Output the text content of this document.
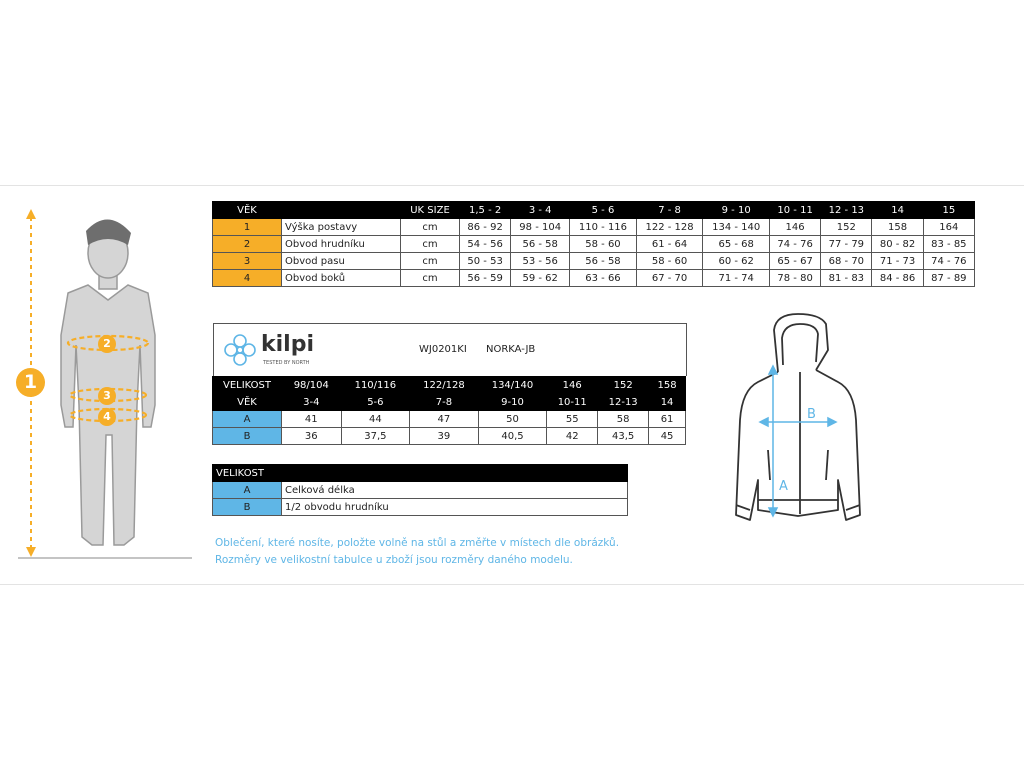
1
2
3
4
VĚK		UK SIZE	1,5 - 2	3 - 4	5 - 6	7 - 8	9 - 10	10 - 11	12 - 13	14	15
1	Výška postavy	cm	86 - 92	98 - 104	110 - 116	122 - 128	134 - 140	146	152	158	164
2	Obvod hrudníku	cm	54 - 56	56 - 58	58 - 60	61 - 64	65 - 68	74 - 76	77 - 79	80 - 82	83 - 85
3	Obvod pasu	cm	50 - 53	53 - 56	56 - 58	58 - 60	60 - 62	65 - 67	68 - 70	71 - 73	74 - 76
4	Obvod boků	cm	56 - 59	59 - 62	63 - 66	67 - 70	71 - 74	78 - 80	81 - 83	84 - 86	87 - 89
kilpi
TESTED BY NORTH
WJ0201KI NORKA-JB
VELIKOST	98/104	110/116	122/128	134/140	146	152	158
VĚK	3-4	5-6	7-8	9-10	10-11	12-13	14
A	41	44	47	50	55	58	61
B	36	37,5	39	40,5	42	43,5	45
VELIKOST	
A	Celková délka
B	1/2 obvodu hrudníku
Oblečení, které nosíte, položte volně na stůl a změřte v místech dle obrázků.
Rozměry ve velikostní tabulce u zboží jsou rozměry daného modelu.
A
B
